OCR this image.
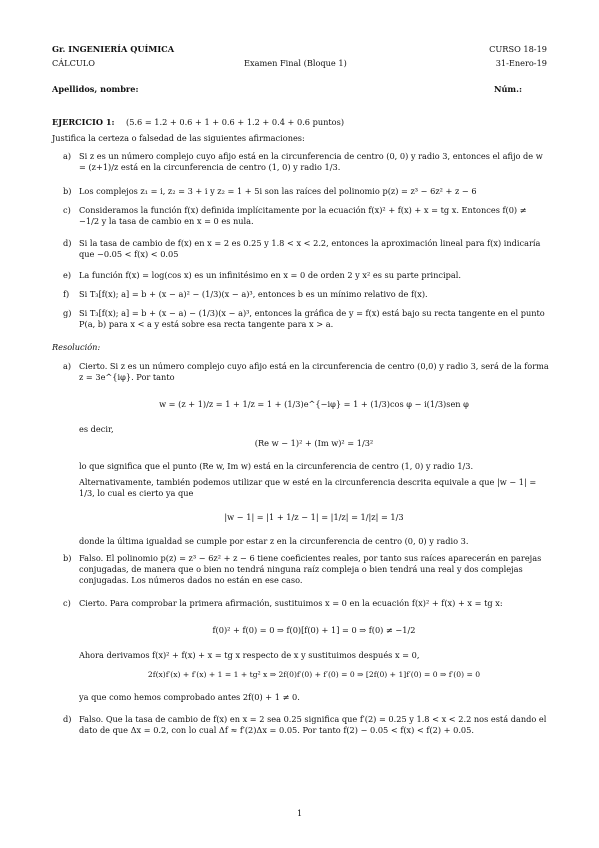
Gr. INGENIERÍA QUÍMICA	CURSO 18-19
CÁLCULO	Examen Final (Bloque 1)	31-Enero-19
Apellidos, nombre:	Núm.:
EJERCICIO 1: (5.6 = 1.2 + 0.6 + 1 + 0.6 + 1.2 + 0.4 + 0.6 puntos)
Justifica la certeza o falsedad de las siguientes afirmaciones:
a) Si z es un número complejo cuyo afijo está en la circunferencia de centro (0, 0) y radio 3, entonces el afijo de w = (z+1)/z está en la circunferencia de centro (1, 0) y radio 1/3.
b) Los complejos z₁ = i, z₂ = 3 + i y z₂ = 1 + 5i son las raíces del polinomio p(z) = z³ − 6z² + z − 6
c) Consideramos la función f(x) definida implícitamente por la ecuación f(x)² + f(x) + x = tg x. Entonces f(0) ≠ −1/2 y la tasa de cambio en x = 0 es nula.
d) Si la tasa de cambio de f(x) en x = 2 es 0.25 y 1.8 < x < 2.2, entonces la aproximación lineal para f(x) indicaría que −0.05 < f(x) < 0.05
e) La función f(x) = log(cos x) es un infinitésimo en x = 0 de orden 2 y x² es su parte principal.
f) Si T₃[f(x); a] = b + (x − a)² − (1/3)(x − a)³, entonces b es un mínimo relativo de f(x).
g) Si T₃[f(x); a] = b + (x − a) − (1/3)(x − a)³, entonces la gráfica de y = f(x) está bajo su recta tangente en el punto P(a, b) para x < a y está sobre esa recta tangente para x > a.
Resolución:
a) Cierto. Si z es un número complejo cuyo afijo está en la circunferencia de centro (0,0) y radio 3, será de la forma z = 3e^{iφ}. Por tanto
w = (z + 1)/z = 1 + 1/z = 1 + (1/3)e^{−iφ} = 1 + (1/3)cos φ − i(1/3)sen φ
es decir,
(Re w − 1)² + (Im w)² = 1/3²
lo que significa que el punto (Re w, Im w) está en la circunferencia de centro (1, 0) y radio 1/3.
Alternativamente, también podemos utilizar que w esté en la circunferencia descrita equivale a que |w − 1| = 1/3, lo cual es cierto ya que
|w − 1| = |1 + 1/z − 1| = |1/z| = 1/|z| = 1/3
donde la última igualdad se cumple por estar z en la circunferencia de centro (0, 0) y radio 3.
b) Falso. El polinomio p(z) = z³ − 6z² + z − 6 tiene coeficientes reales, por tanto sus raíces aparecerán en parejas conjugadas, de manera que o bien no tendrá ninguna raíz compleja o bien tendrá una real y dos complejas conjugadas. Los números dados no están en ese caso.
c) Cierto. Para comprobar la primera afirmación, sustituimos x = 0 en la ecuación f(x)² + f(x) + x = tg x:
f(0)² + f(0) = 0 ⇒ f(0)[f(0) + 1] = 0 ⇒ f(0) ≠ −1/2
Ahora derivamos f(x)² + f(x) + x = tg x respecto de x y sustituimos después x = 0,
2f(x)f′(x) + f′(x) + 1 = 1 + tg² x ⇒ 2f(0)f′(0) + f′(0) = 0 ⇒ [2f(0) + 1]f′(0) = 0 ⇒ f′(0) = 0
ya que como hemos comprobado antes 2f(0) + 1 ≠ 0.
d) Falso. Que la tasa de cambio de f(x) en x = 2 sea 0.25 significa que f′(2) = 0.25 y 1.8 < x < 2.2 nos está dando el dato de que Δx = 0.2, con lo cual Δf ≈ f′(2)Δx = 0.05. Por tanto f(2) − 0.05 < f(x) < f(2) + 0.05.
1
